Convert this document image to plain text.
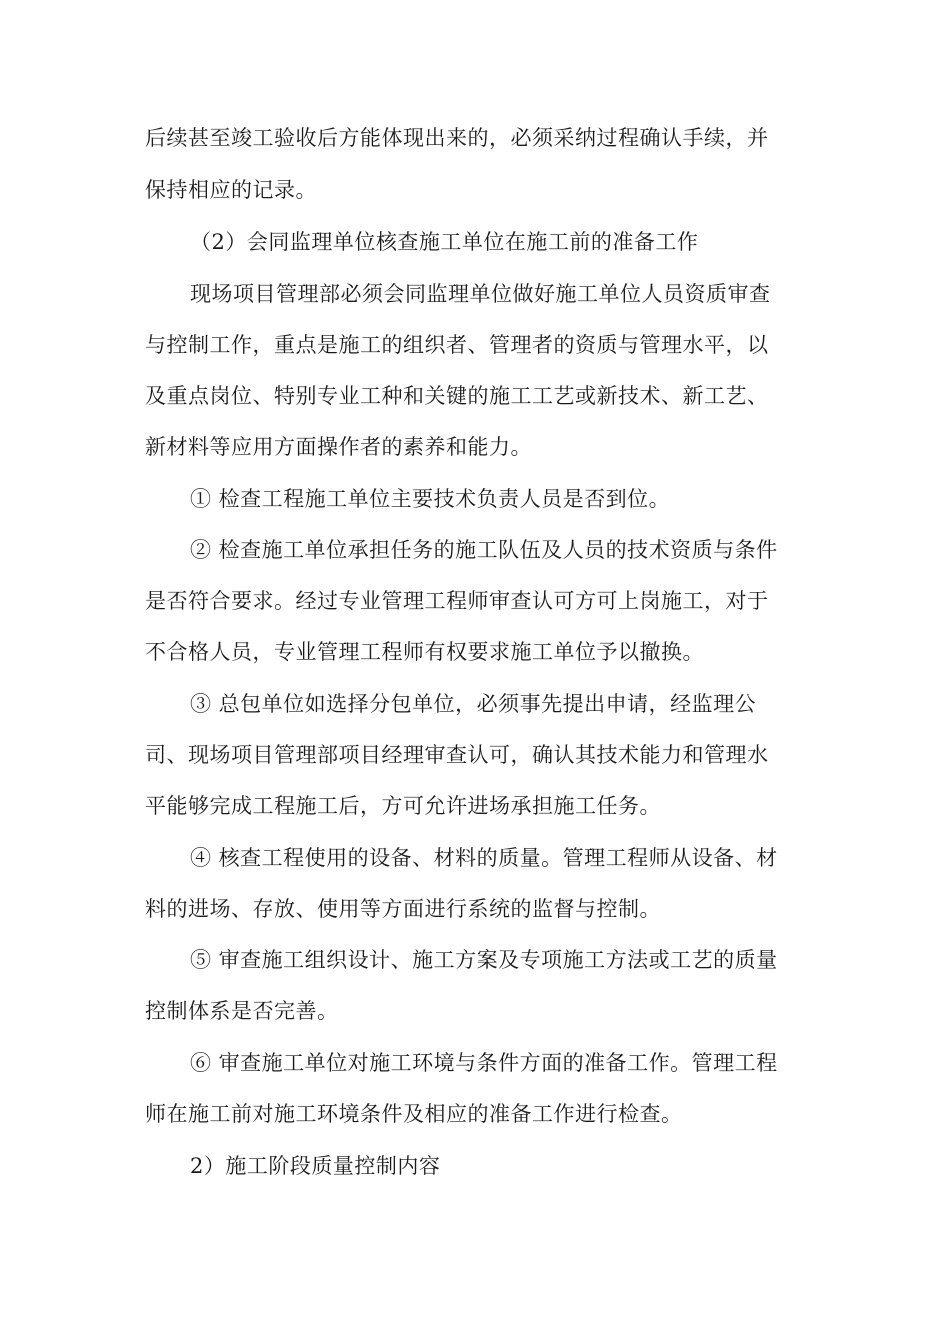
后续甚至竣工验收后方能体现出来的，必须采纳过程确认手续，并
保持相应的记录。
（2）会同监理单位核查施工单位在施工前的准备工作
现场项目管理部必须会同监理单位做好施工单位人员资质审查
与控制工作，重点是施工的组织者、管理者的资质与管理水平，以
及重点岗位、特别专业工种和关键的施工工艺或新技术、新工艺、
新材料等应用方面操作者的素养和能力。
① 检查工程施工单位主要技术负责人员是否到位。
② 检查施工单位承担任务的施工队伍及人员的技术资质与条件
是否符合要求。经过专业管理工程师审查认可方可上岗施工，对于
不合格人员，专业管理工程师有权要求施工单位予以撤换。
③ 总包单位如选择分包单位，必须事先提出申请，经监理公
司、现场项目管理部项目经理审查认可，确认其技术能力和管理水
平能够完成工程施工后，方可允许进场承担施工任务。
④ 核查工程使用的设备、材料的质量。管理工程师从设备、材
料的进场、存放、使用等方面进行系统的监督与控制。
⑤ 审查施工组织设计、施工方案及专项施工方法或工艺的质量
控制体系是否完善。
⑥ 审查施工单位对施工环境与条件方面的准备工作。管理工程
师在施工前对施工环境条件及相应的准备工作进行检查。
2）施工阶段质量控制内容
